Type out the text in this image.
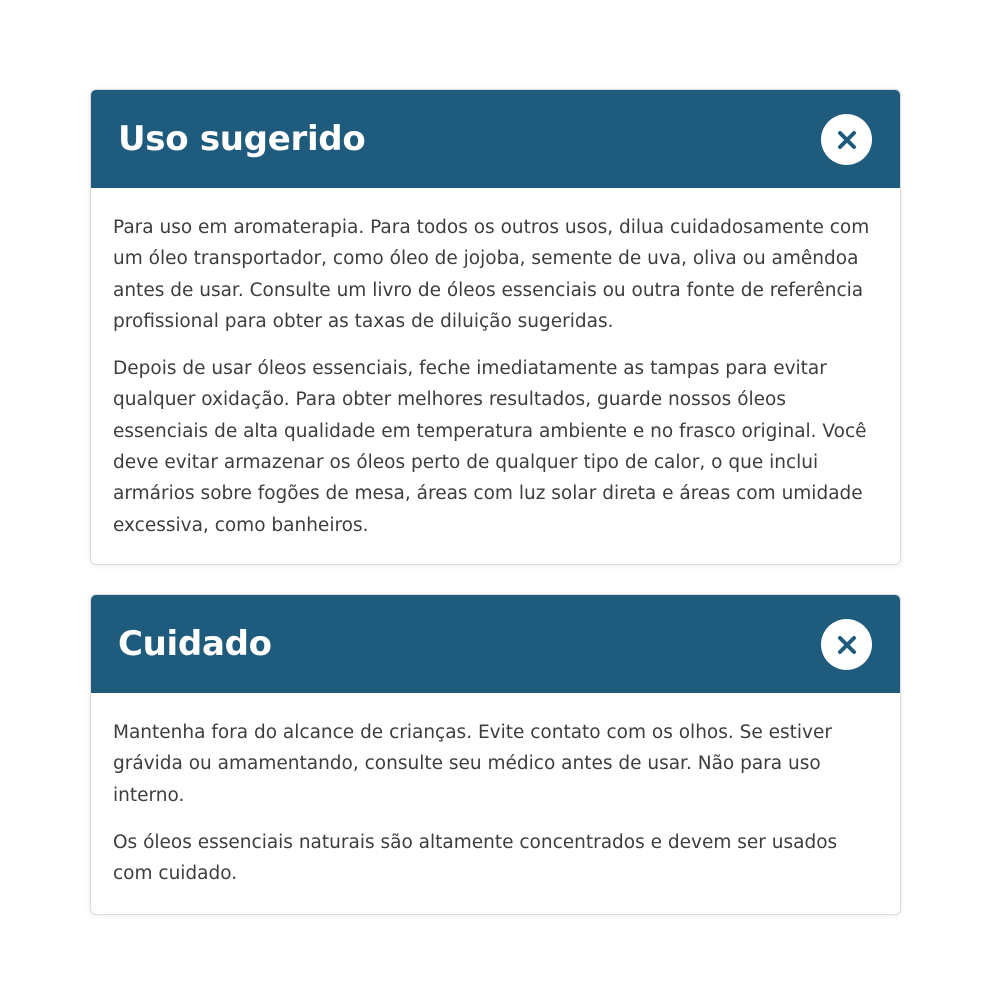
Uso sugerido

Para uso em aromaterapia. Para todos os outros usos, dilua cuidadosamente com um óleo transportador, como óleo de jojoba, semente de uva, oliva ou amêndoa antes de usar. Consulte um livro de óleos essenciais ou outra fonte de referência profissional para obter as taxas de diluição sugeridas.

Depois de usar óleos essenciais, feche imediatamente as tampas para evitar qualquer oxidação. Para obter melhores resultados, guarde nossos óleos essenciais de alta qualidade em temperatura ambiente e no frasco original. Você deve evitar armazenar os óleos perto de qualquer tipo de calor, o que inclui armários sobre fogões de mesa, áreas com luz solar direta e áreas com umidade excessiva, como banheiros.

Cuidado

Mantenha fora do alcance de crianças. Evite contato com os olhos. Se estiver grávida ou amamentando, consulte seu médico antes de usar. Não para uso interno.

Os óleos essenciais naturais são altamente concentrados e devem ser usados com cuidado.
